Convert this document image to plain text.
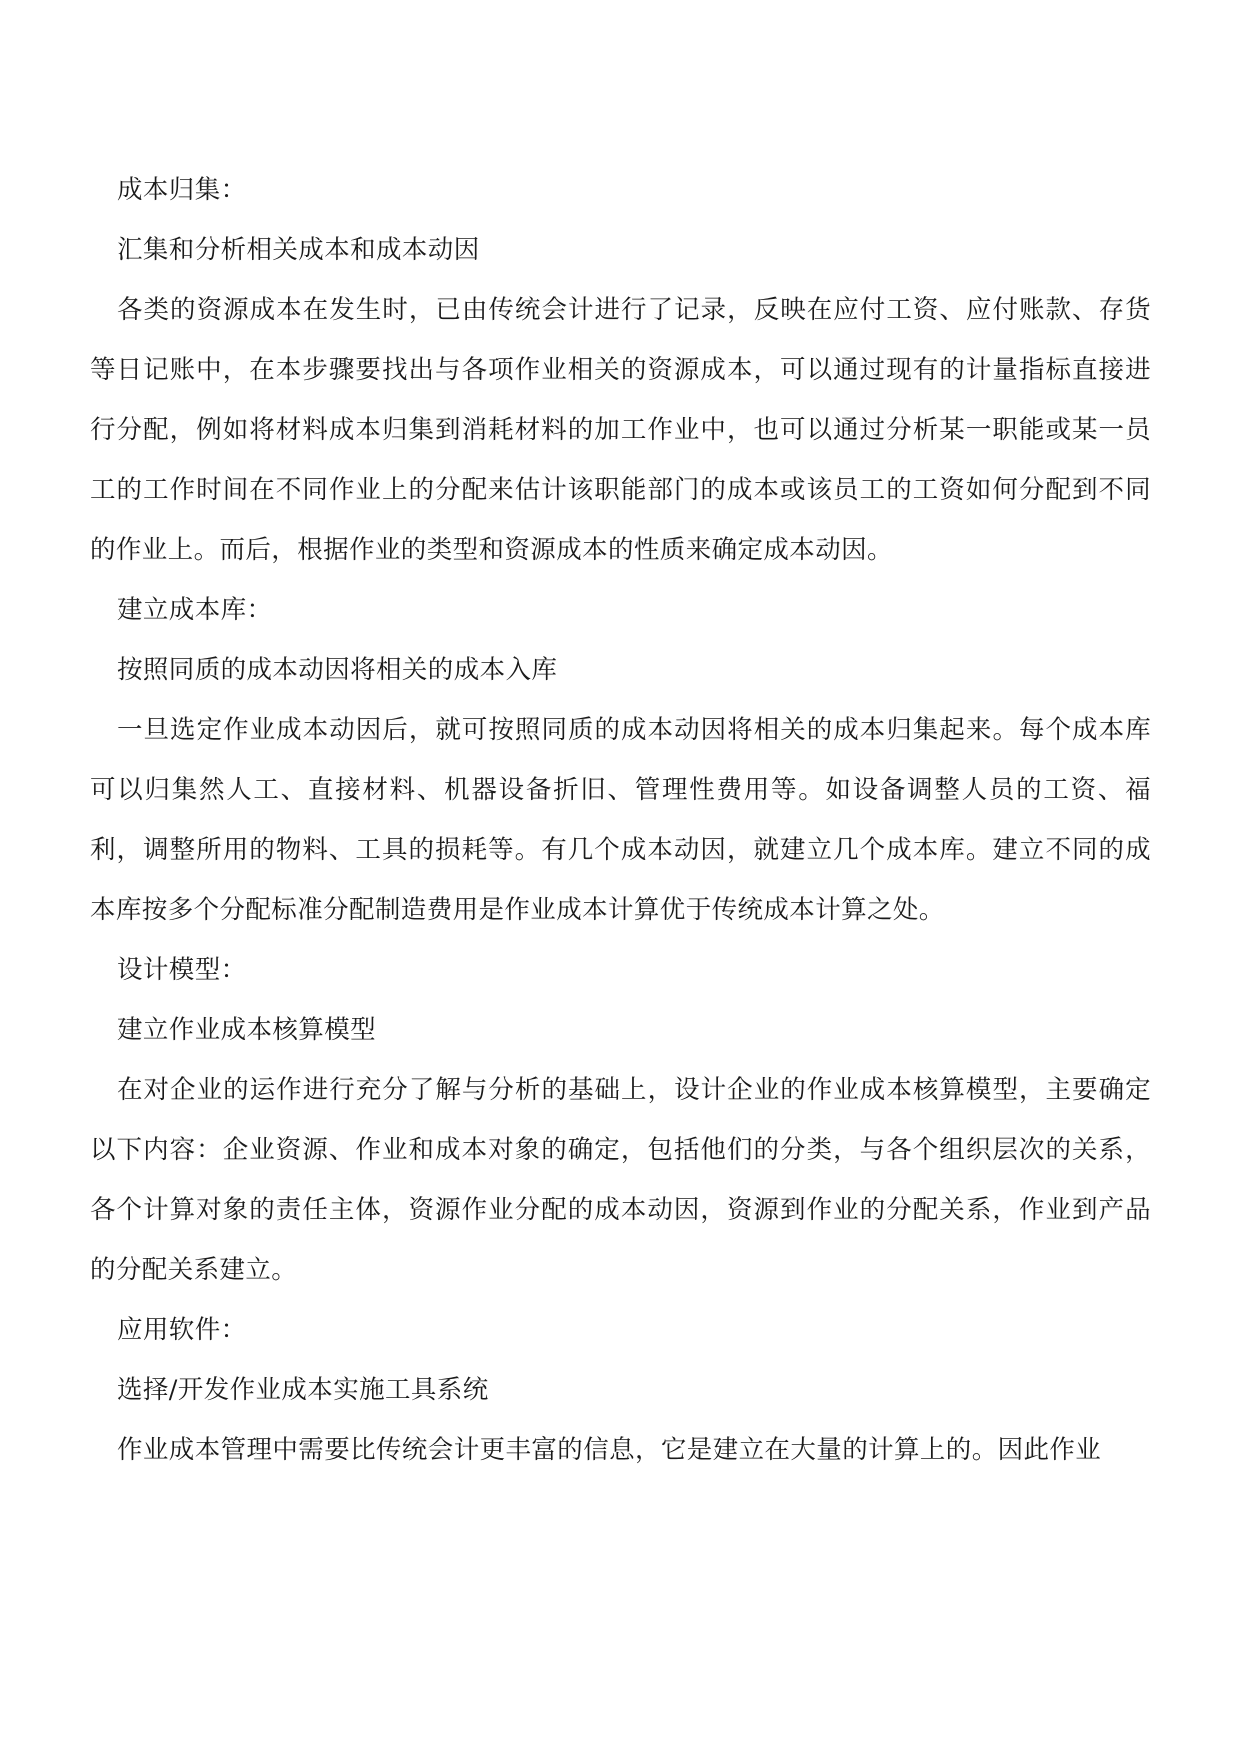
成本归集：

汇集和分析相关成本和成本动因

各类的资源成本在发生时，已由传统会计进行了记录，反映在应付工资、应付账款、存货等日记账中，在本步骤要找出与各项作业相关的资源成本，可以通过现有的计量指标直接进行分配，例如将材料成本归集到消耗材料的加工作业中，也可以通过分析某一职能或某一员工的工作时间在不同作业上的分配来估计该职能部门的成本或该员工的工资如何分配到不同的作业上。而后，根据作业的类型和资源成本的性质来确定成本动因。

建立成本库：

按照同质的成本动因将相关的成本入库

一旦选定作业成本动因后，就可按照同质的成本动因将相关的成本归集起来。每个成本库可以归集然人工、直接材料、机器设备折旧、管理性费用等。如设备调整人员的工资、福利，调整所用的物料、工具的损耗等。有几个成本动因，就建立几个成本库。建立不同的成本库按多个分配标准分配制造费用是作业成本计算优于传统成本计算之处。

设计模型：

建立作业成本核算模型

在对企业的运作进行充分了解与分析的基础上，设计企业的作业成本核算模型，主要确定以下内容：企业资源、作业和成本对象的确定，包括他们的分类，与各个组织层次的关系，各个计算对象的责任主体，资源作业分配的成本动因，资源到作业的分配关系，作业到产品的分配关系建立。

应用软件：

选择/开发作业成本实施工具系统

作业成本管理中需要比传统会计更丰富的信息，它是建立在大量的计算上的。因此作业
